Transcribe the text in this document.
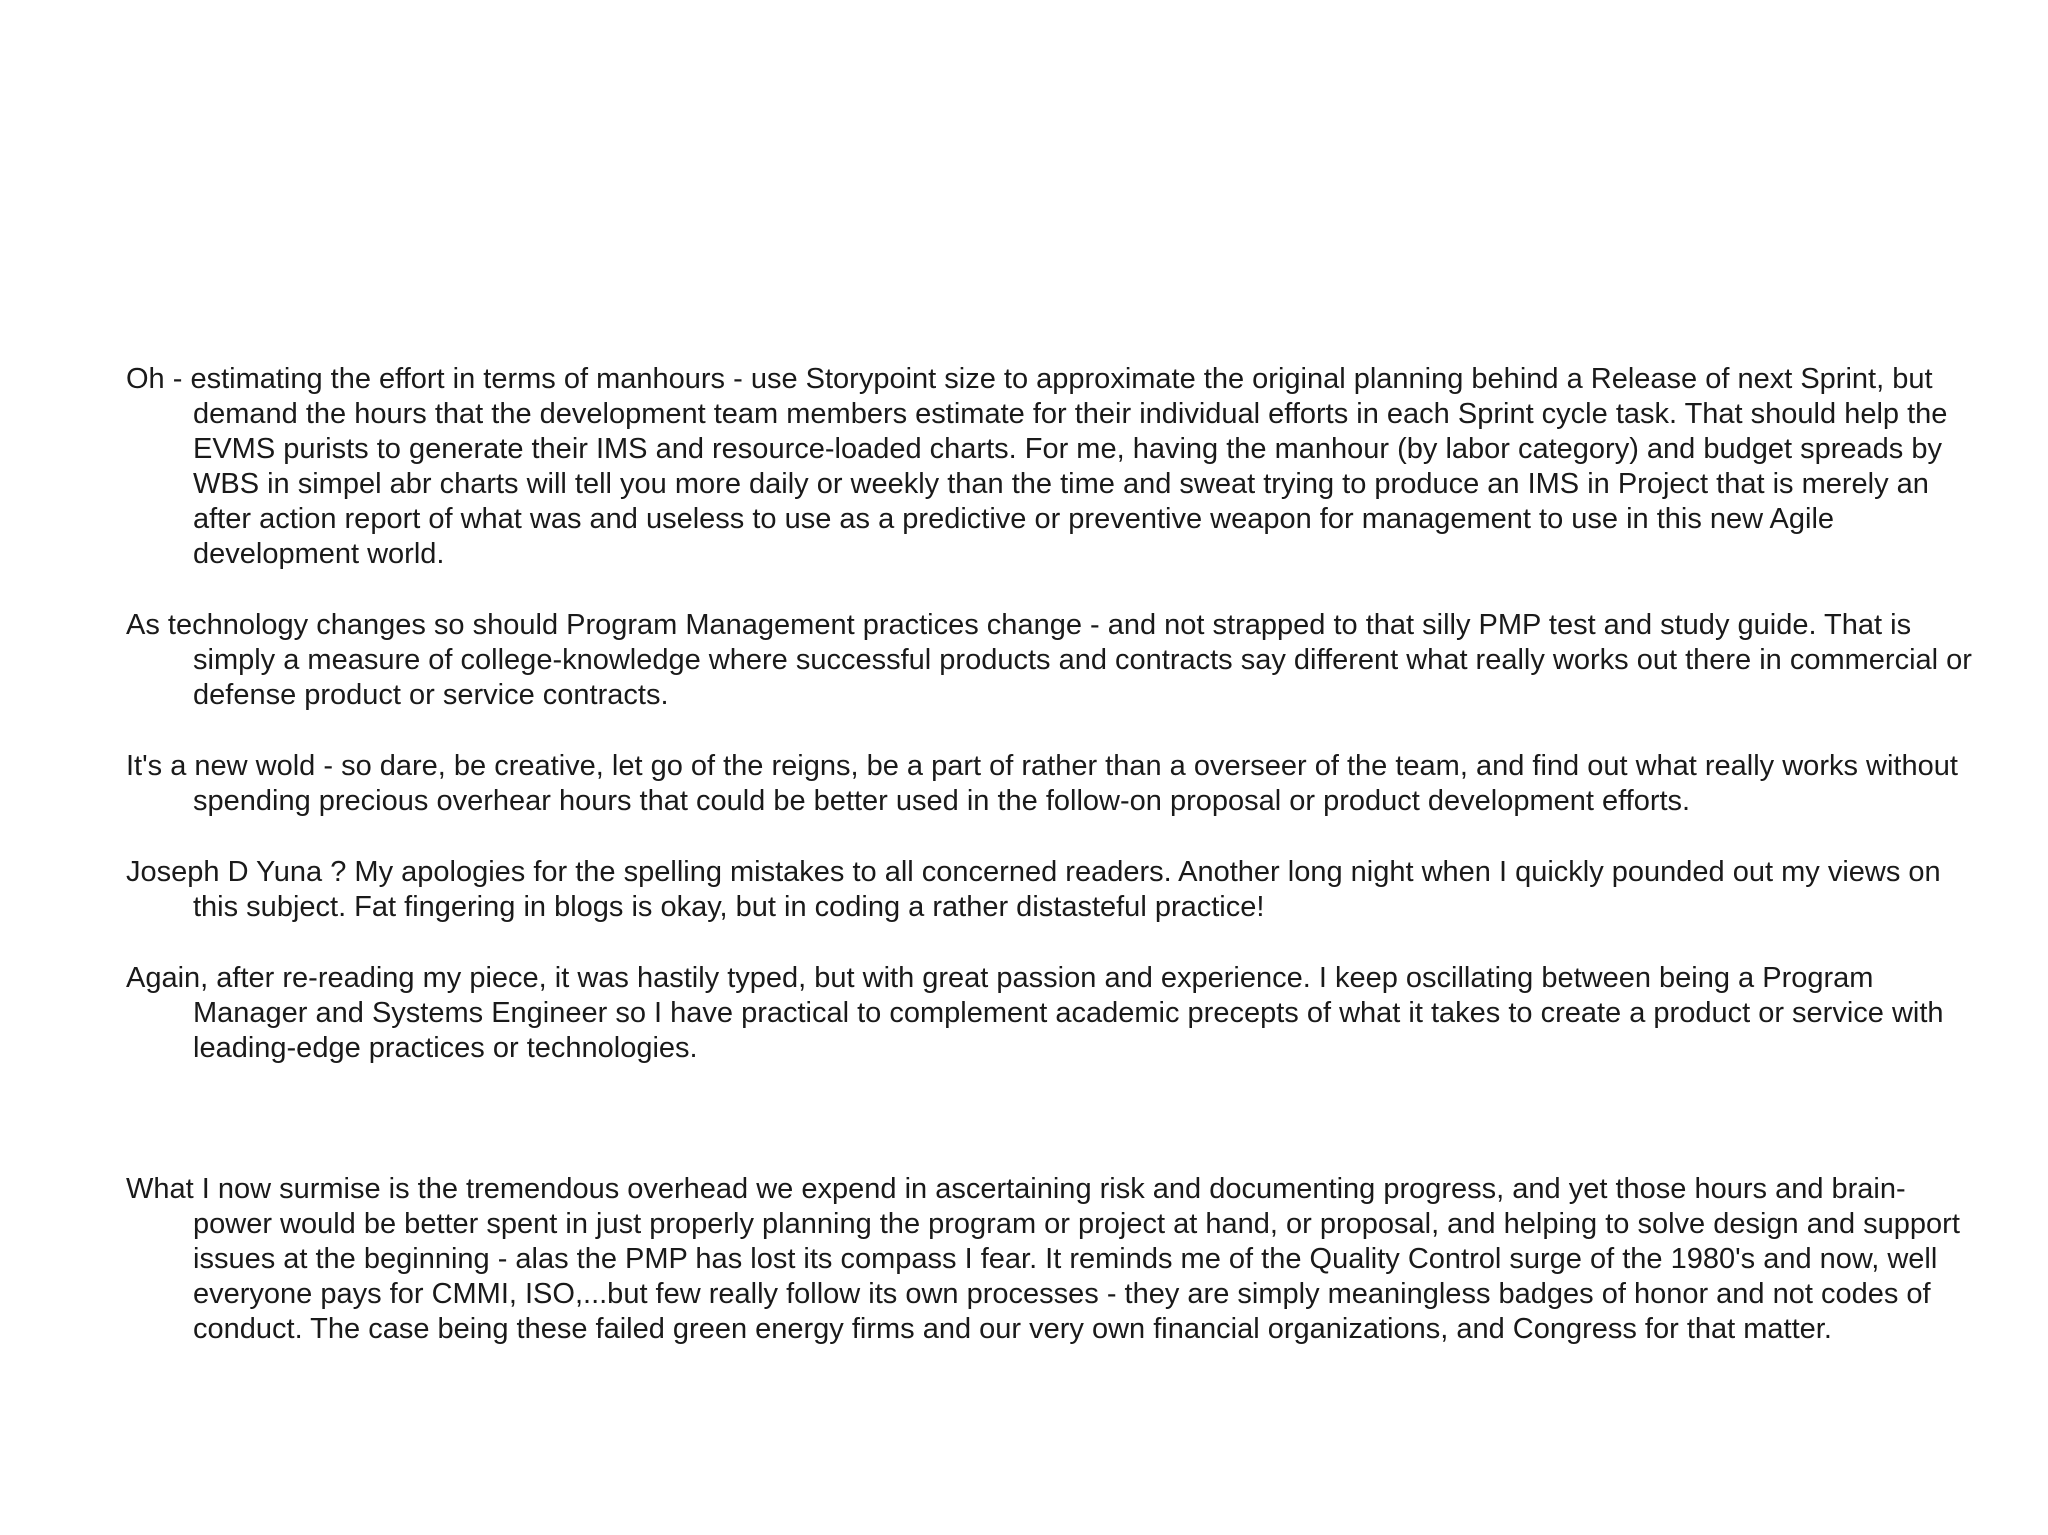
Oh - estimating the effort in terms of manhours - use Storypoint size to approximate the original planning behind a Release of next Sprint, but demand the hours that the development team members estimate for their individual efforts in each Sprint cycle task. That should help the EVMS purists to generate their IMS and resource-loaded charts. For me, having the manhour (by labor category) and budget spreads by WBS in simpel abr charts will tell you more daily or weekly than the time and sweat trying to produce an IMS in Project that is merely an after action report of what was and useless to use as a predictive or preventive weapon for management to use in this new Agile development world.

As technology changes so should Program Management practices change - and not strapped to that silly PMP test and study guide. That is simply a measure of college-knowledge where successful products and contracts say different what really works out there in commercial or defense product or service contracts.

It's a new wold - so dare, be creative, let go of the reigns, be a part of rather than a overseer of the team, and find out what really works without spending precious overhear hours that could be better used in the follow-on proposal or product development efforts.

Joseph D Yuna ? My apologies for the spelling mistakes to all concerned readers. Another long night when I quickly pounded out my views on this subject. Fat fingering in blogs is okay, but in coding a rather distasteful practice!

Again, after re-reading my piece, it was hastily typed, but with great passion and experience. I keep oscillating between being a Program Manager and Systems Engineer so I have practical to complement academic precepts of what it takes to create a product or service with leading-edge practices or technologies.

What I now surmise is the tremendous overhead we expend in ascertaining risk and documenting progress, and yet those hours and brain-power would be better spent in just properly planning the program or project at hand, or proposal, and helping to solve design and support issues at the beginning - alas the PMP has lost its compass I fear. It reminds me of the Quality Control surge of the 1980's and now, well everyone pays for CMMI, ISO,...but few really follow its own processes - they are simply meaningless badges of honor and not codes of conduct. The case being these failed green energy firms and our very own financial organizations, and Congress for that matter.
